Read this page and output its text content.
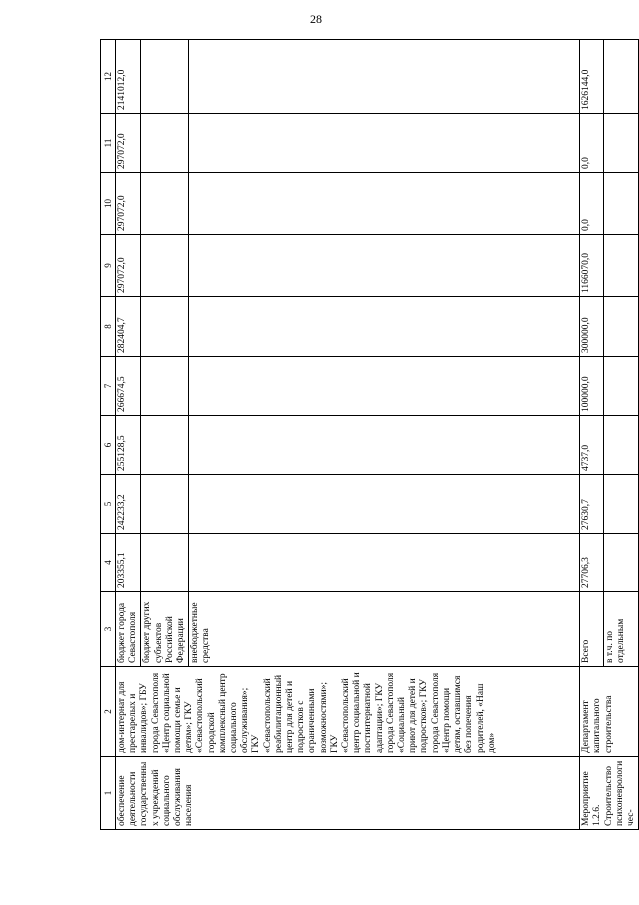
28
1	2	3	4	5	6	7	8	9	10	11	12
обеспечение деятельности государственных учреждений социального обслуживания населения	дом-интернат для престарелых и инвалидов»; ГБУ города Севастополя «Центр социальной помощи семье и детям»; ГКУ «Севастопольский городской комплексный центр социального обслуживания»; ГКУ «Севастопольский реабилитационный центр для детей и подростков с ограниченными возможностями»; ГКУ «Севастопольский центр социальной и постинтернатной адаптации»; ГКУ города Севастополя «Социальный приют для детей и подростков»; ГКУ города Севастополя «Центр помощи детям, оставшимся без попечения родителей, «Наш дом»	бюджет города Севастополя	203355,1	242233,2	255128,5	266674,5	282404,7	297072,0	297072,0	297072,0	2141012,0
		бюджет других субъектов Российской Федерации									
		внебюджетные средства									
Мероприятие 1.2.6. Строительство психоневрологичес-	Департамент капитального строительства	Всего	27706,3	27630,7	4737,0	100000,0	300000,0	1166070,0	0,0	0,0	1626144,0
		в т.ч. по отдельным									
